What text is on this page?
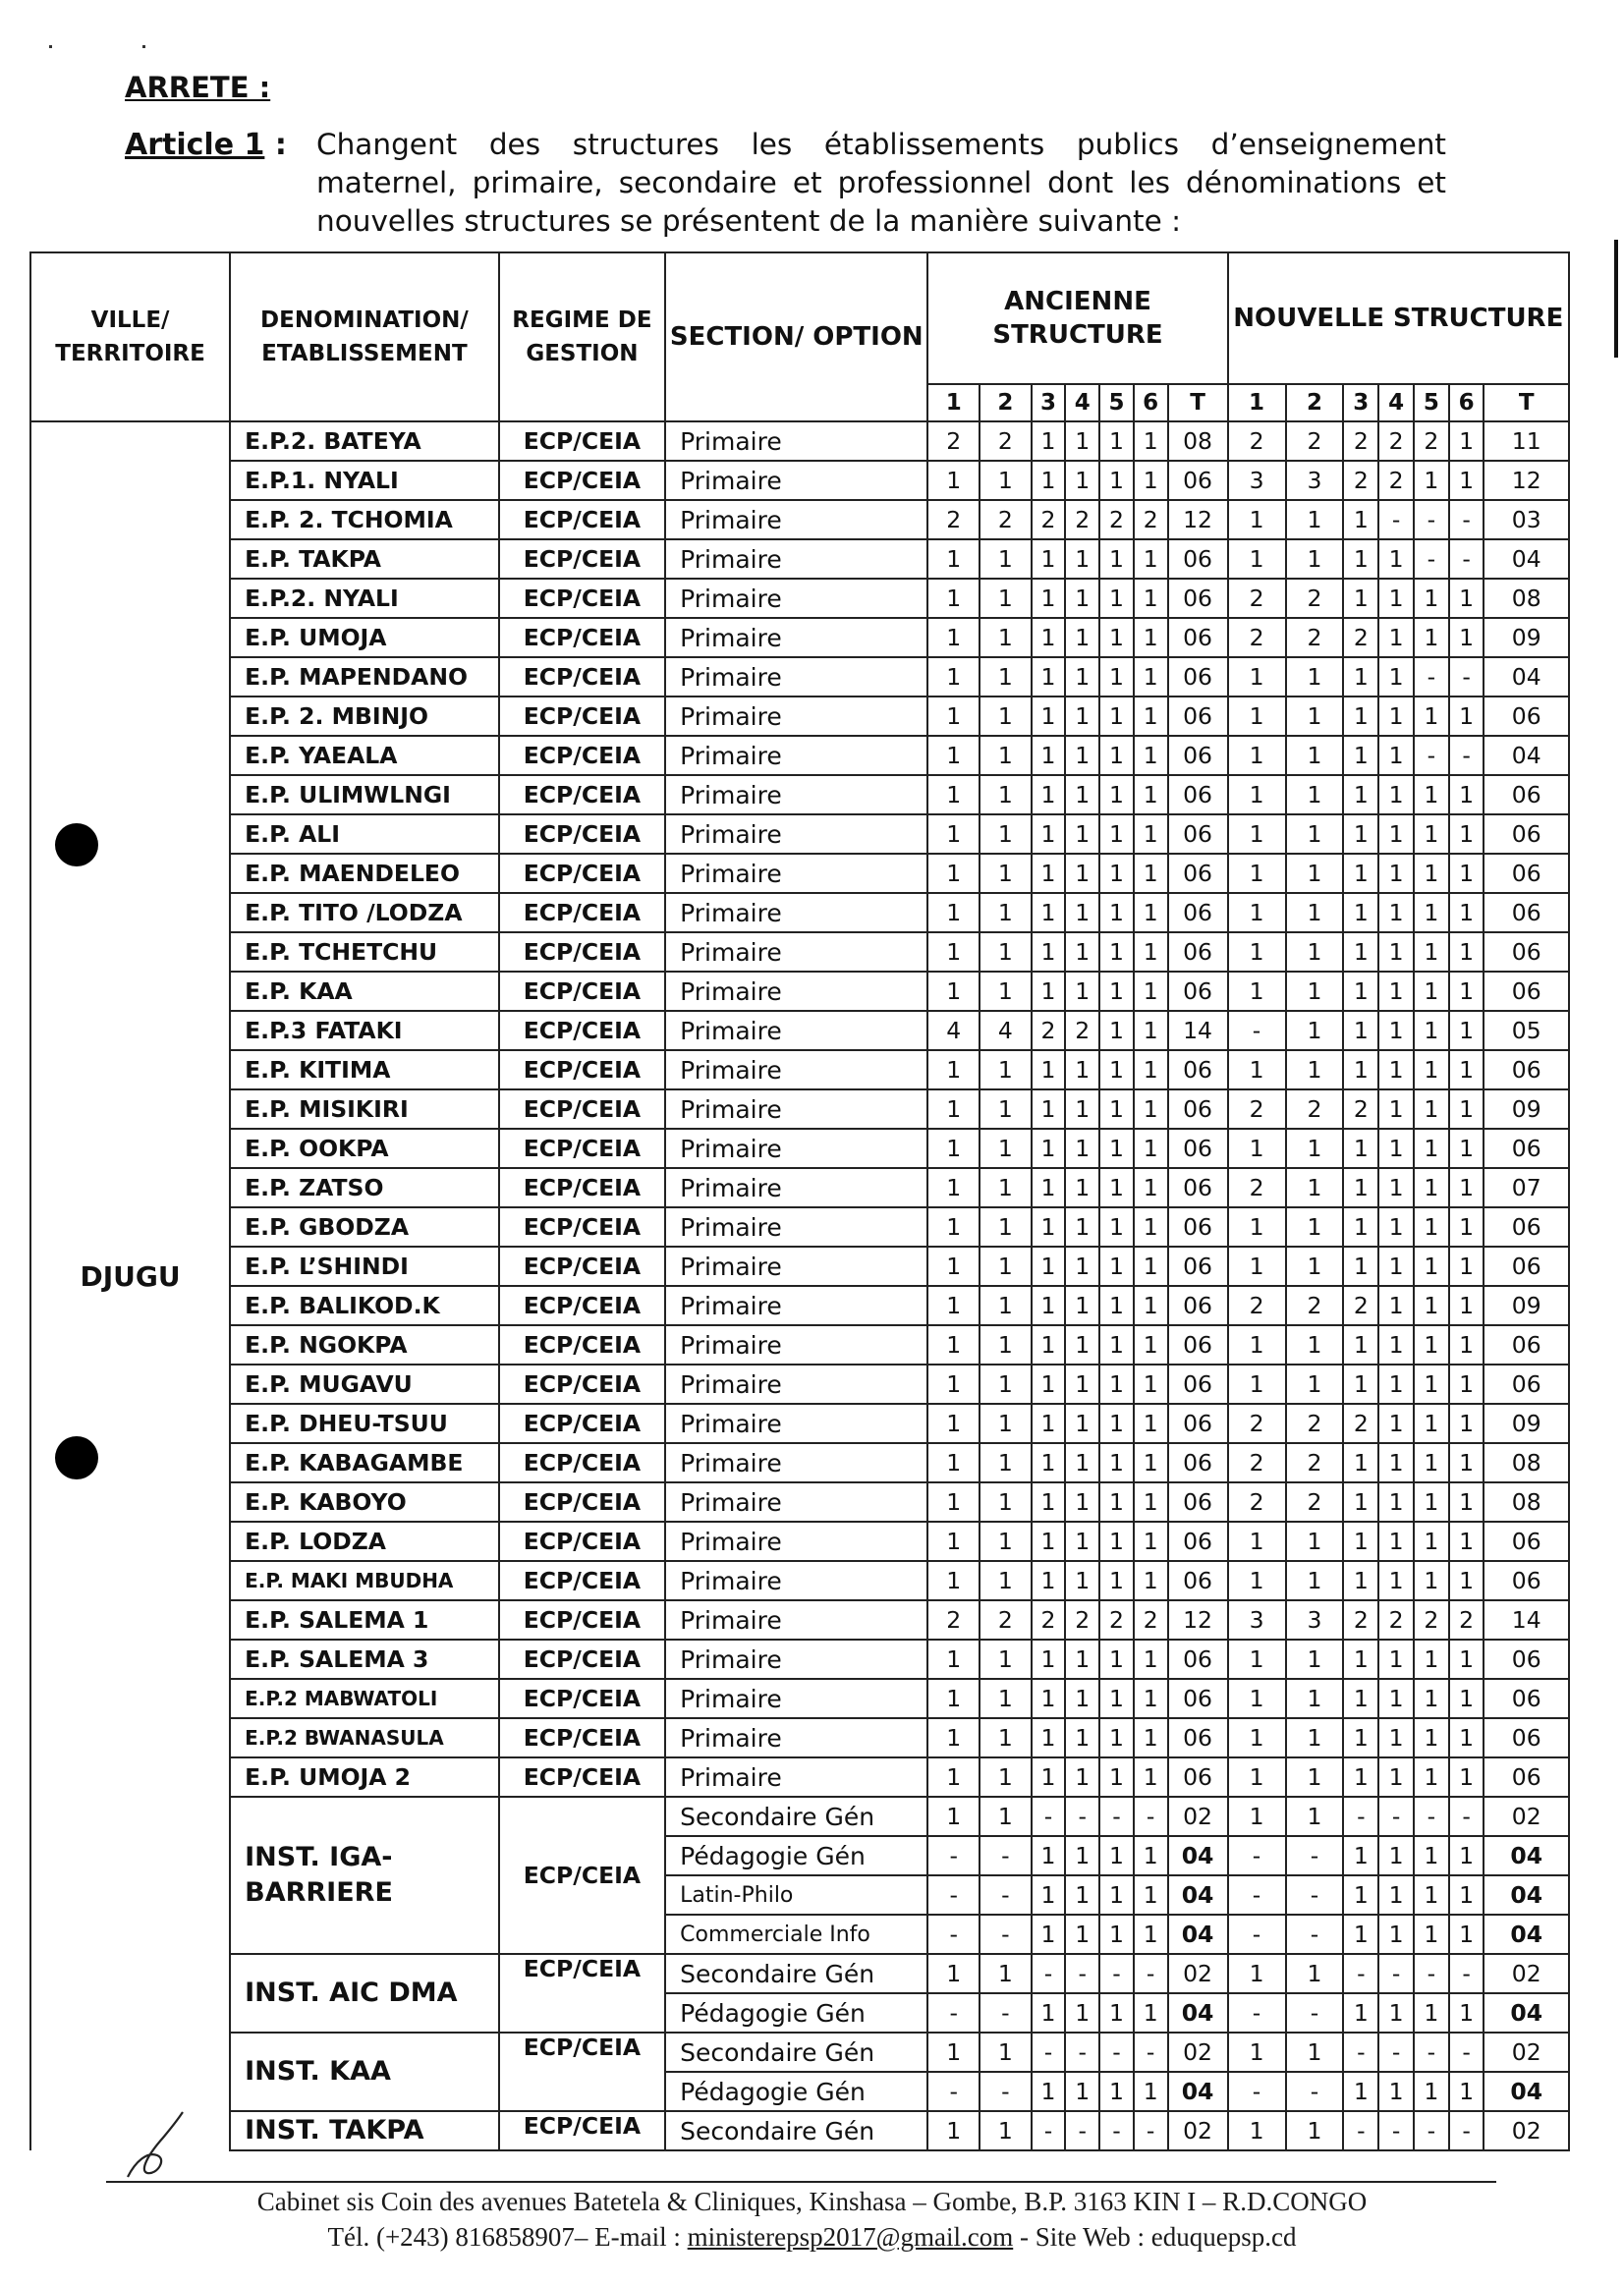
ARRETE :
Article 1 : Changent des structures les établissements publics d’enseignement maternel, primaire, secondaire et professionnel dont les dénominations et nouvelles structures se présentent de la manière suivante :
VILLE/ TERRITOIRE	DENOMINATION/ ETABLISSEMENT	REGIME DE GESTION	SECTION/ OPTION	ANCIENNE STRUCTURE							NOUVELLE STRUCTURE						
				1	2	3	4	5	6	T	1	2	3	4	5	6	T
DJUGU	E.P.2. BATEYA	ECP/CEIA	Primaire	2	2	1	1	1	1	08	2	2	2	2	2	1	11
	E.P.1. NYALI	ECP/CEIA	Primaire	1	1	1	1	1	1	06	3	3	2	2	1	1	12
	E.P. 2. TCHOMIA	ECP/CEIA	Primaire	2	2	2	2	2	2	12	1	1	1	-	-	-	03
	E.P. TAKPA	ECP/CEIA	Primaire	1	1	1	1	1	1	06	1	1	1	1	-	-	04
	E.P.2. NYALI	ECP/CEIA	Primaire	1	1	1	1	1	1	06	2	2	1	1	1	1	08
	E.P. UMOJA	ECP/CEIA	Primaire	1	1	1	1	1	1	06	2	2	2	1	1	1	09
	E.P. MAPENDANO	ECP/CEIA	Primaire	1	1	1	1	1	1	06	1	1	1	1	-	-	04
	E.P. 2. MBINJO	ECP/CEIA	Primaire	1	1	1	1	1	1	06	1	1	1	1	1	1	06
	E.P. YAEALA	ECP/CEIA	Primaire	1	1	1	1	1	1	06	1	1	1	1	-	-	04
	E.P. ULIMWLNGI	ECP/CEIA	Primaire	1	1	1	1	1	1	06	1	1	1	1	1	1	06
	E.P. ALI	ECP/CEIA	Primaire	1	1	1	1	1	1	06	1	1	1	1	1	1	06
	E.P. MAENDELEO	ECP/CEIA	Primaire	1	1	1	1	1	1	06	1	1	1	1	1	1	06
	E.P. TITO /LODZA	ECP/CEIA	Primaire	1	1	1	1	1	1	06	1	1	1	1	1	1	06
	E.P. TCHETCHU	ECP/CEIA	Primaire	1	1	1	1	1	1	06	1	1	1	1	1	1	06
	E.P. KAA	ECP/CEIA	Primaire	1	1	1	1	1	1	06	1	1	1	1	1	1	06
	E.P.3 FATAKI	ECP/CEIA	Primaire	4	4	2	2	1	1	14	-	1	1	1	1	1	05
	E.P. KITIMA	ECP/CEIA	Primaire	1	1	1	1	1	1	06	1	1	1	1	1	1	06
	E.P. MISIKIRI	ECP/CEIA	Primaire	1	1	1	1	1	1	06	2	2	2	1	1	1	09
	E.P. OOKPA	ECP/CEIA	Primaire	1	1	1	1	1	1	06	1	1	1	1	1	1	06
	E.P. ZATSO	ECP/CEIA	Primaire	1	1	1	1	1	1	06	2	1	1	1	1	1	07
	E.P. GBODZA	ECP/CEIA	Primaire	1	1	1	1	1	1	06	1	1	1	1	1	1	06
	E.P. L’SHINDI	ECP/CEIA	Primaire	1	1	1	1	1	1	06	1	1	1	1	1	1	06
	E.P. BALIKOD.K	ECP/CEIA	Primaire	1	1	1	1	1	1	06	2	2	2	1	1	1	09
	E.P. NGOKPA	ECP/CEIA	Primaire	1	1	1	1	1	1	06	1	1	1	1	1	1	06
	E.P. MUGAVU	ECP/CEIA	Primaire	1	1	1	1	1	1	06	1	1	1	1	1	1	06
	E.P. DHEU-TSUU	ECP/CEIA	Primaire	1	1	1	1	1	1	06	2	2	2	1	1	1	09
	E.P. KABAGAMBE	ECP/CEIA	Primaire	1	1	1	1	1	1	06	2	2	1	1	1	1	08
	E.P. KABOYO	ECP/CEIA	Primaire	1	1	1	1	1	1	06	2	2	1	1	1	1	08
	E.P. LODZA	ECP/CEIA	Primaire	1	1	1	1	1	1	06	1	1	1	1	1	1	06
	E.P. MAKI MBUDHA	ECP/CEIA	Primaire	1	1	1	1	1	1	06	1	1	1	1	1	1	06
	E.P. SALEMA 1	ECP/CEIA	Primaire	2	2	2	2	2	2	12	3	3	2	2	2	2	14
	E.P. SALEMA 3	ECP/CEIA	Primaire	1	1	1	1	1	1	06	1	1	1	1	1	1	06
	E.P.2 MABWATOLI	ECP/CEIA	Primaire	1	1	1	1	1	1	06	1	1	1	1	1	1	06
	E.P.2 BWANASULA	ECP/CEIA	Primaire	1	1	1	1	1	1	06	1	1	1	1	1	1	06
	E.P. UMOJA 2	ECP/CEIA	Primaire	1	1	1	1	1	1	06	1	1	1	1	1	1	06
	INST. IGA-BARRIERE	ECP/CEIA	Secondaire Gén	1	1	-	-	-	-	02	1	1	-	-	-	-	02
			Pédagogie Gén	-	-	1	1	1	1	04	-	-	1	1	1	1	04
			Latin-Philo	-	-	1	1	1	1	04	-	-	1	1	1	1	04
			Commerciale Info	-	-	1	1	1	1	04	-	-	1	1	1	1	04
	INST. AIC DMA	ECP/CEIA	Secondaire Gén	1	1	-	-	-	-	02	1	1	-	-	-	-	02
			Pédagogie Gén	-	-	1	1	1	1	04	-	-	1	1	1	1	04
	INST. KAA	ECP/CEIA	Secondaire Gén	1	1	-	-	-	-	02	1	1	-	-	-	-	02
			Pédagogie Gén	-	-	1	1	1	1	04	-	-	1	1	1	1	04
	INST. TAKPA	ECP/CEIA	Secondaire Gén	1	1	-	-	-	-	02	1	1	-	-	-	-	02
Cabinet sis Coin des avenues Batetela & Cliniques, Kinshasa – Gombe, B.P. 3163 KIN I – R.D.CONGO
Tél. (+243) 816858907– E-mail : ministerepsp2017@gmail.com - Site Web : eduquepsp.cd
